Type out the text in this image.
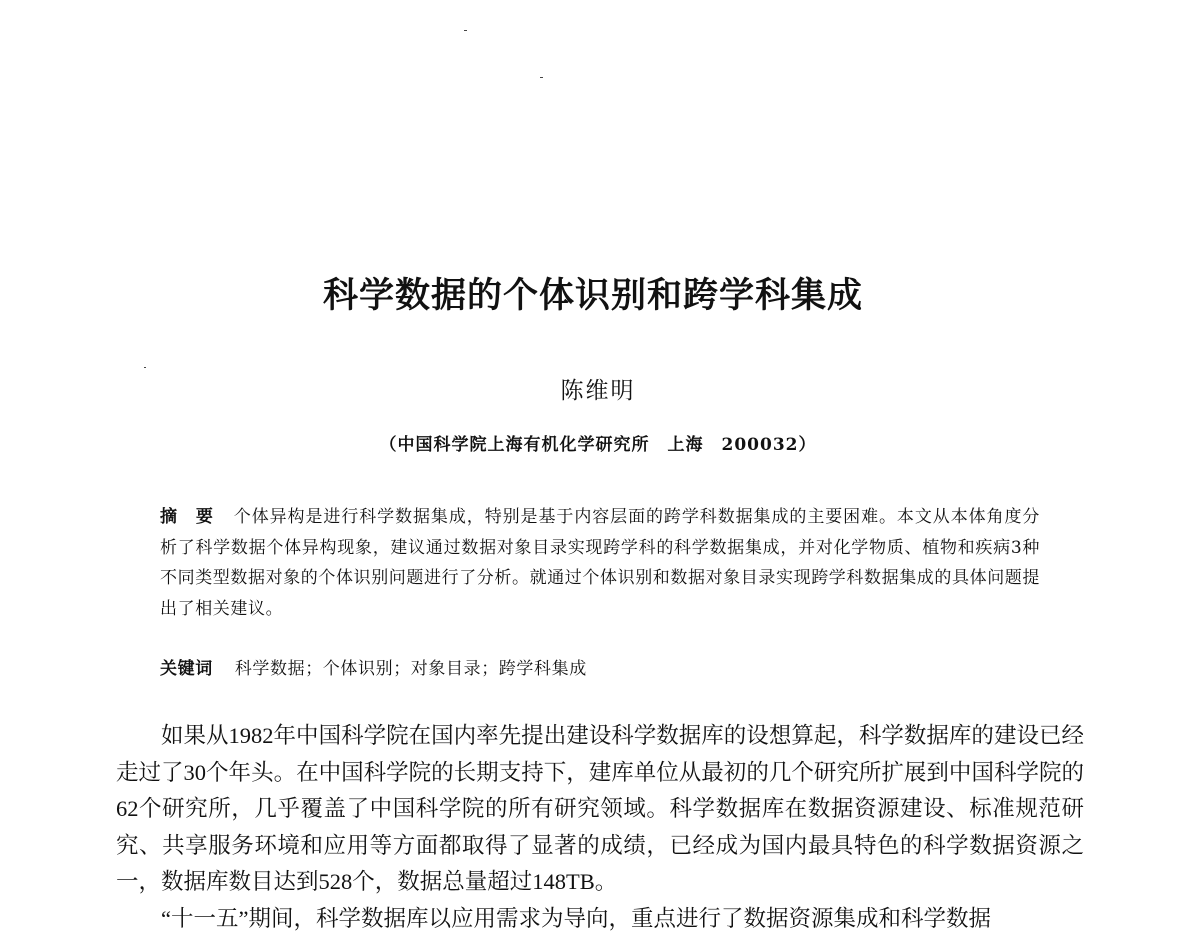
科学数据的个体识别和跨学科集成
陈维明
（中国科学院上海有机化学研究所　上海　200032）
摘　要 个体异构是进行科学数据集成，特别是基于内容层面的跨学科数据集成的主要困难。本文从本体角度分析了科学数据个体异构现象，建议通过数据对象目录实现跨学科的科学数据集成，并对化学物质、植物和疾病3种不同类型数据对象的个体识别问题进行了分析。就通过个体识别和数据对象目录实现跨学科数据集成的具体问题提出了相关建议。
关键词 科学数据；个体识别；对象目录；跨学科集成

如果从1982年中国科学院在国内率先提出建设科学数据库的设想算起，科学数据库的建设已经走过了30个年头。在中国科学院的长期支持下，建库单位从最初的几个研究所扩展到中国科学院的62个研究所，几乎覆盖了中国科学院的所有研究领域。科学数据库在数据资源建设、标准规范研究、共享服务环境和应用等方面都取得了显著的成绩，已经成为国内最具特色的科学数据资源之一，数据库数目达到528个，数据总量超过148TB。

“十一五”期间，科学数据库以应用需求为导向，重点进行了数据资源集成和科学数据
